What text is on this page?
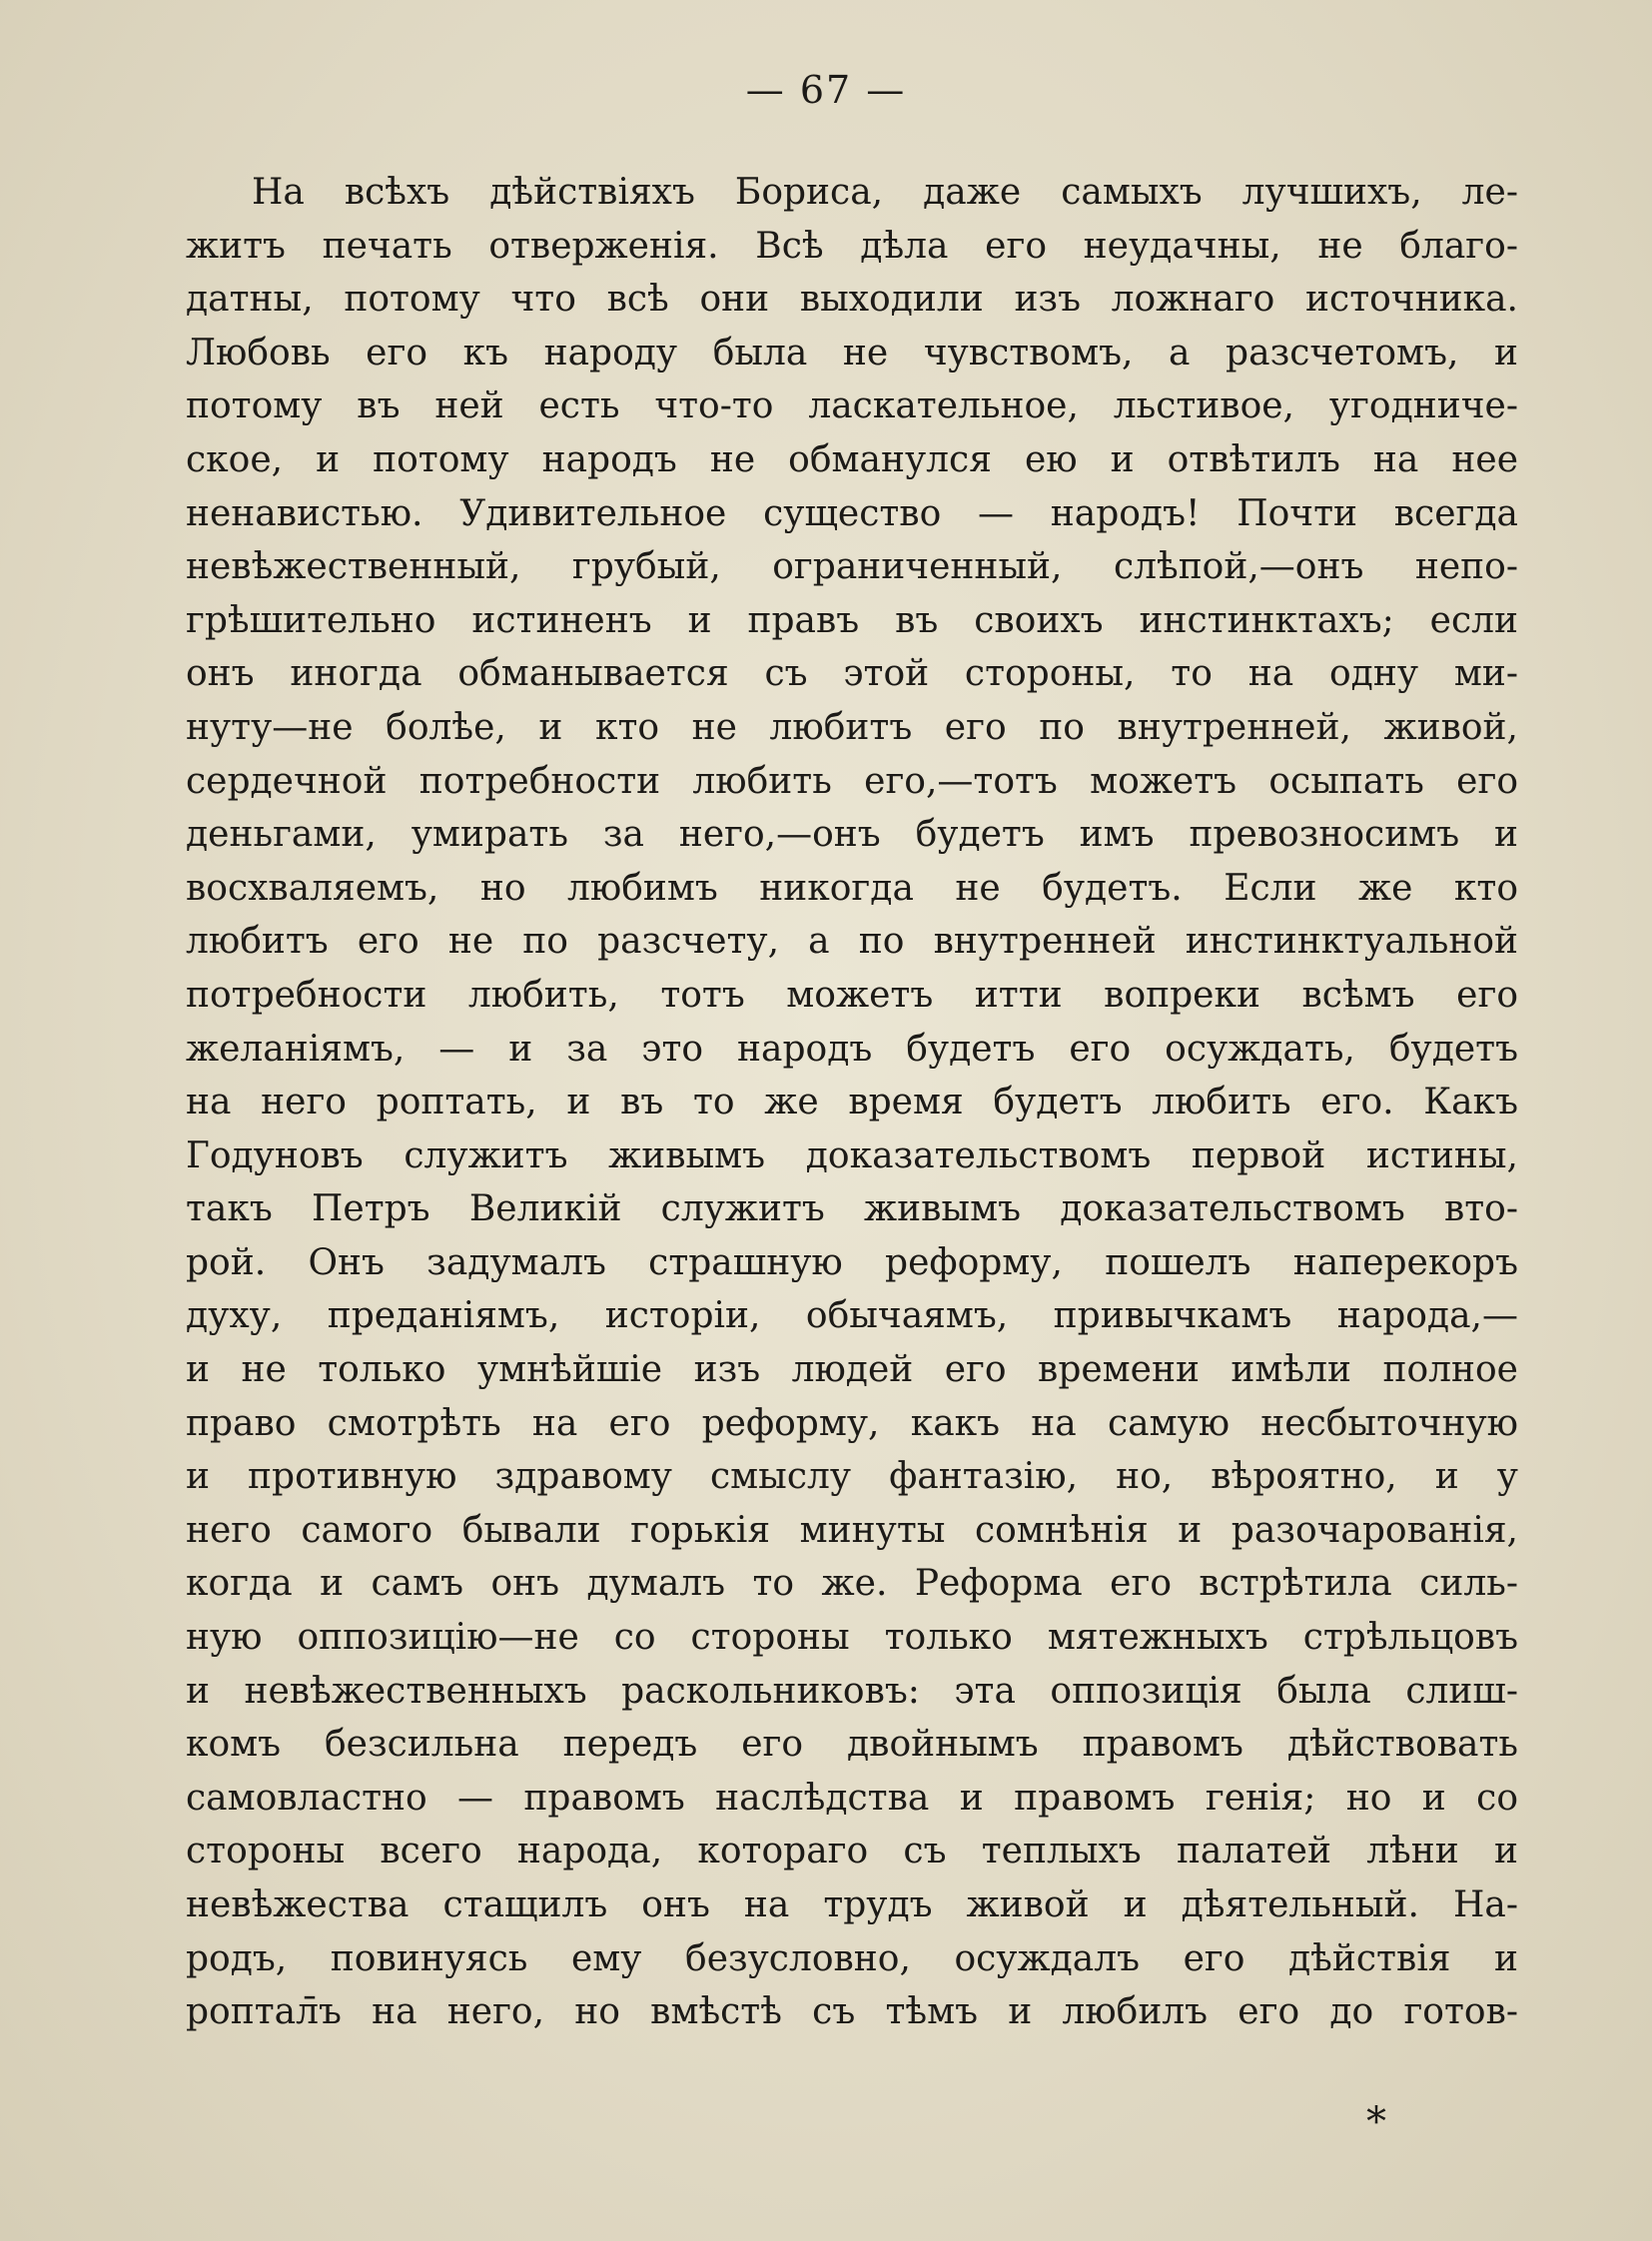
— 67 —
На всѣхъ дѣйствіяхъ Бориса, даже самыхъ лучшихъ, ле-
житъ печать отверженія. Всѣ дѣла его неудачны, не благо-
датны, потому что всѣ они выходили изъ ложнаго источника.
Любовь его къ народу была не чувствомъ, а разсчетомъ, и
потому въ ней есть что-то ласкательное, льстивое, угодниче-
ское, и потому народъ не обманулся ею и отвѣтилъ на нее
ненавистью. Удивительное существо — народъ! Почти всегда
невѣжественный, грубый, ограниченный, слѣпой,—онъ непо-
грѣшительно истиненъ и правъ въ своихъ инстинктахъ; если
онъ иногда обманывается съ этой стороны, то на одну ми-
нуту—не болѣе, и кто не любитъ его по внутренней, живой,
сердечной потребности любить его,—тотъ можетъ осыпать его
деньгами, умирать за него,—онъ будетъ имъ превозносимъ и
восхваляемъ, но любимъ никогда не будетъ. Если же кто
любитъ его не по разсчету, а по внутренней инстинктуальной
потребности любить, тотъ можетъ итти вопреки всѣмъ его
желаніямъ, — и за это народъ будетъ его осуждать, будетъ
на него роптать, и въ то же время будетъ любить его. Какъ
Годуновъ служитъ живымъ доказательствомъ первой истины,
такъ Петръ Великій служитъ живымъ доказательствомъ вто-
рой. Онъ задумалъ страшную реформу, пошелъ наперекоръ
духу, преданіямъ, исторіи, обычаямъ, привычкамъ народа,—
и не только умнѣйшіе изъ людей его времени имѣли полное
право смотрѣть на его реформу, какъ на самую несбыточную
и противную здравому смыслу фантазію, но, вѣроятно, и у
него самого бывали горькія минуты сомнѣнія и разочарованія,
когда и самъ онъ думалъ то же. Реформа его встрѣтила силь-
ную оппозицію—не со стороны только мятежныхъ стрѣльцовъ
и невѣжественныхъ раскольниковъ: эта оппозиція была слиш-
комъ безсильна передъ его двойнымъ правомъ дѣйствовать
самовластно — правомъ наслѣдства и правомъ генія; но и со
стороны всего народа, котораго съ теплыхъ палатей лѣни и
невѣжества стащилъ онъ на трудъ живой и дѣятельный. На-
родъ, повинуясь ему безусловно, осуждалъ его дѣйствія и
роптал̄ъ на него, но вмѣстѣ съ тѣмъ и любилъ его до готов-
*
